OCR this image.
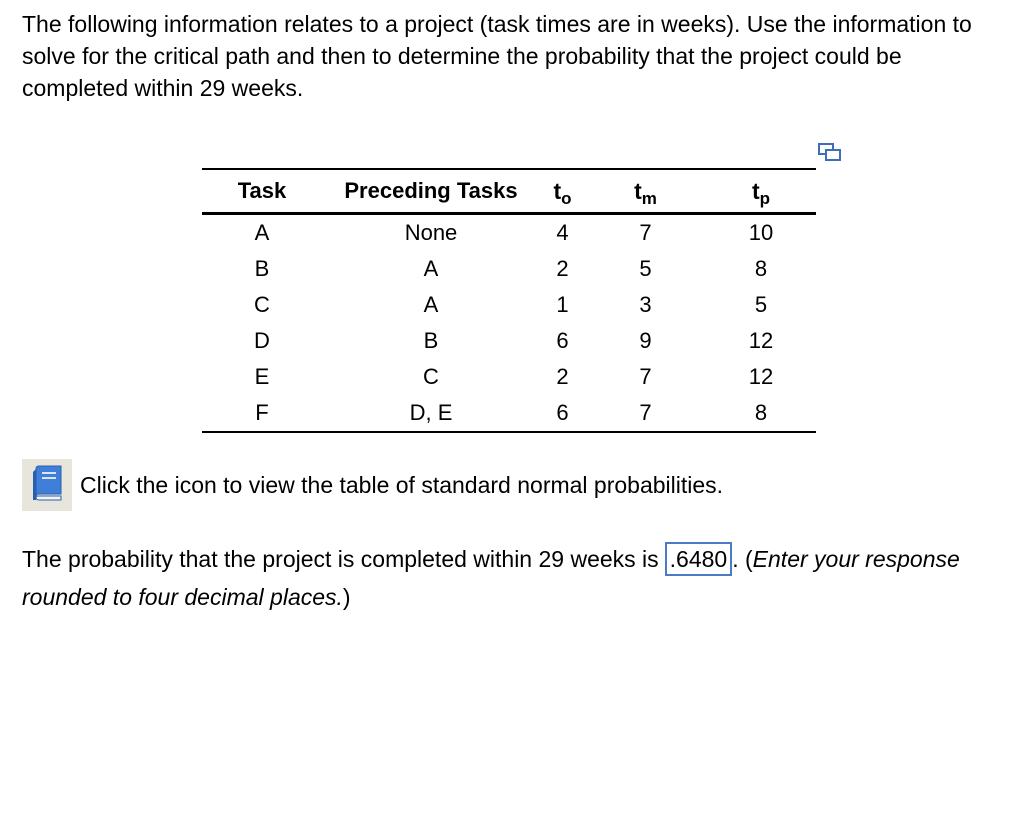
The following information relates to a project (task times are in weeks). Use the information to solve for the critical path and then to determine the probability that the project could be completed within 29 weeks.

Task	Preceding Tasks	$t_o$	$t_m$	$t_p$
A	None	4	7	10
B	A	2	5	8
C	A	1	3	5
D	B	6	9	12
E	C	2	7	12
F	D, E	6	7	8
Click the icon to view the table of standard normal probabilities.

The probability that the project is completed within 29 weeks is .6480 . (Enter your response rounded to four decimal places.)
